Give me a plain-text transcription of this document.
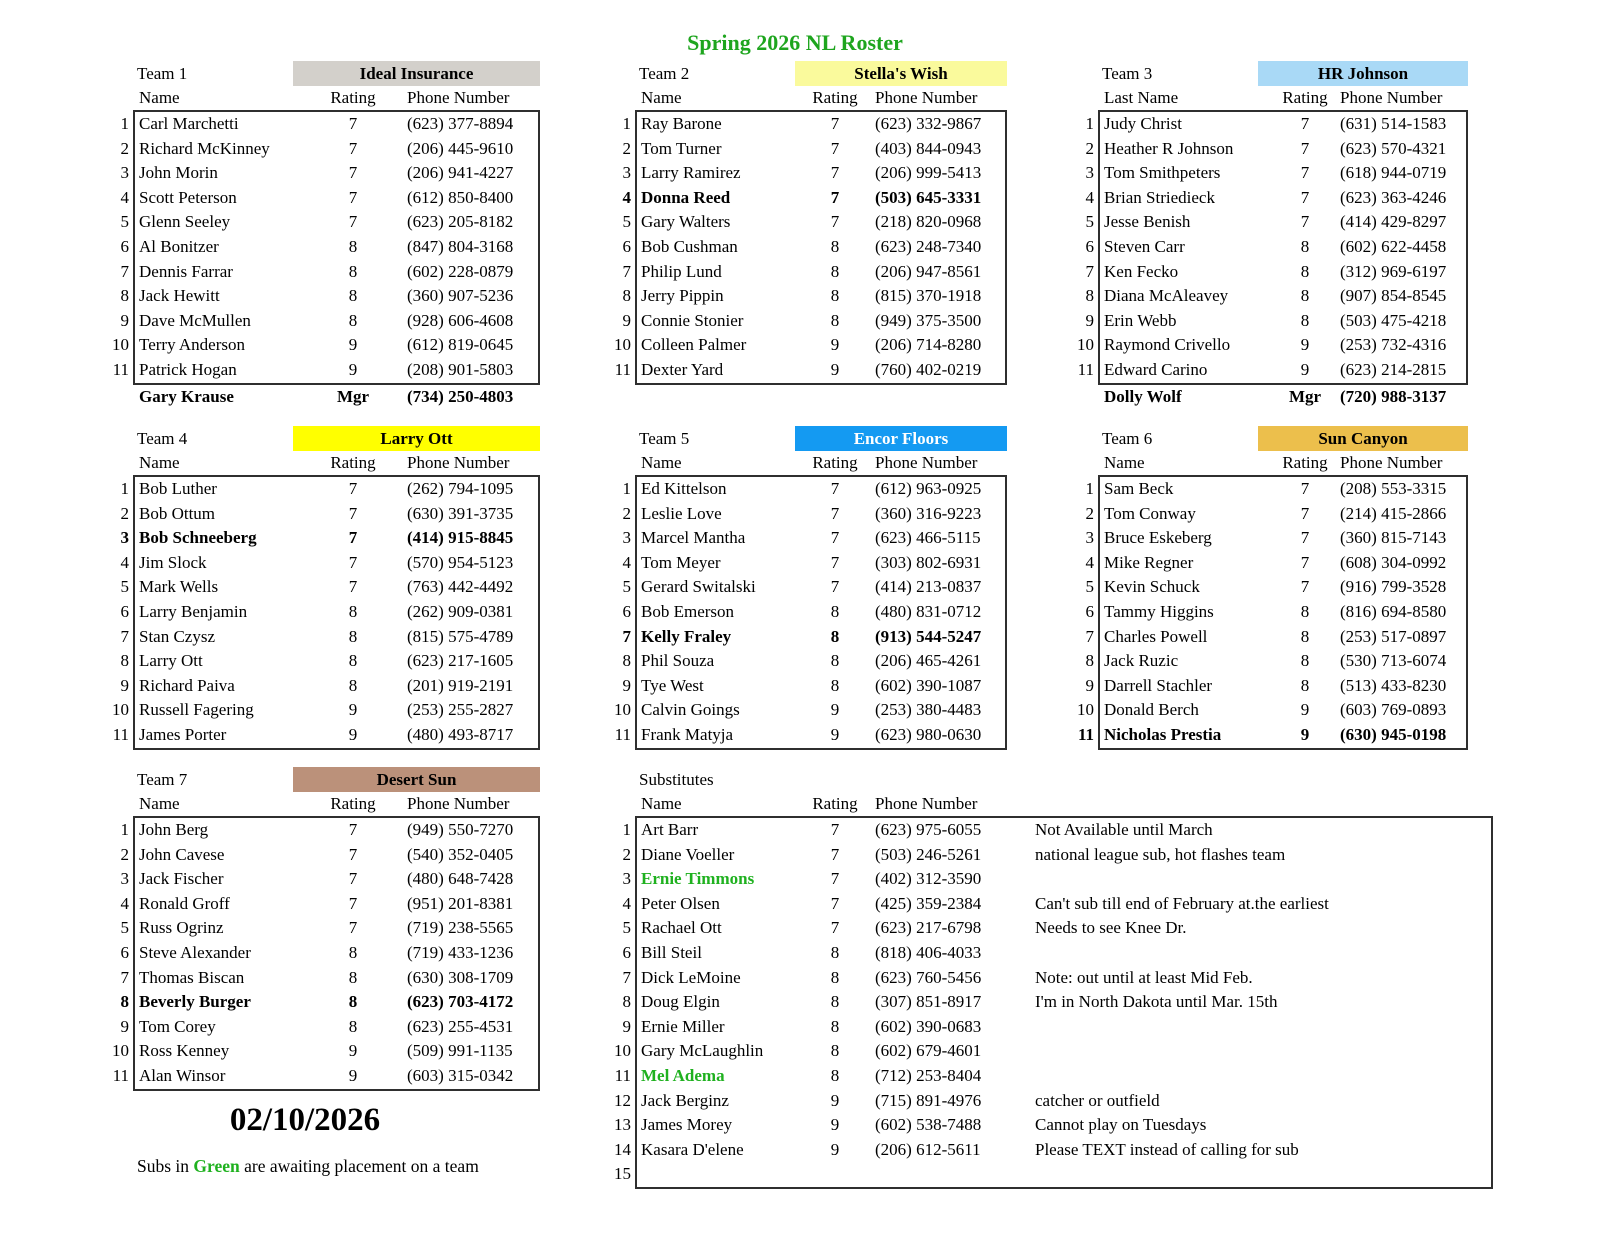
Spring 2026 NL Roster
Team 1	Ideal Insurance
Name	Rating	Phone Number
1 Carl Marchetti	7	(623) 377-8894
2 Richard McKinney	7	(206) 445-9610
3 John Morin	7	(206) 941-4227
4 Scott Peterson	7	(612) 850-8400
5 Glenn Seeley	7	(623) 205-8182
6 Al Bonitzer	8	(847) 804-3168
7 Dennis Farrar	8	(602) 228-0879
8 Jack Hewitt	8	(360) 907-5236
9 Dave McMullen	8	(928) 606-4608
10 Terry Anderson	9	(612) 819-0645
11 Patrick Hogan	9	(208) 901-5803
Gary Krause	Mgr	(734) 250-4803
Team 2	Stella's Wish
Name	Rating	Phone Number
1 Ray Barone	7	(623) 332-9867
2 Tom Turner	7	(403) 844-0943
3 Larry Ramirez	7	(206) 999-5413
4 Donna Reed	7	(503) 645-3331
5 Gary Walters	7	(218) 820-0968
6 Bob Cushman	8	(623) 248-7340
7 Philip Lund	8	(206) 947-8561
8 Jerry Pippin	8	(815) 370-1918
9 Connie Stonier	8	(949) 375-3500
10 Colleen Palmer	9	(206) 714-8280
11 Dexter Yard	9	(760) 402-0219
Team 3	HR Johnson
Last Name	Rating Phone Number
1 Judy Christ	7	(631) 514-1583
2 Heather R Johnson	7	(623) 570-4321
3 Tom Smithpeters	7	(618) 944-0719
4 Brian Striedieck	7	(623) 363-4246
5 Jesse Benish	7	(414) 429-8297
6 Steven Carr	8	(602) 622-4458
7 Ken Fecko	8	(312) 969-6197
8 Diana McAleavey	8	(907) 854-8545
9 Erin Webb	8	(503) 475-4218
10 Raymond Crivello	9	(253) 732-4316
11 Edward Carino	9	(623) 214-2815
Dolly Wolf	Mgr	(720) 988-3137
Team 4	Larry Ott
Name	Rating	Phone Number
1 Bob Luther	7	(262) 794-1095
2 Bob Ottum	7	(630) 391-3735
3 Bob Schneeberg	7	(414) 915-8845
4 Jim Slock	7	(570) 954-5123
5 Mark Wells	7	(763) 442-4492
6 Larry Benjamin	8	(262) 909-0381
7 Stan Czysz	8	(815) 575-4789
8 Larry Ott	8	(623) 217-1605
9 Richard Paiva	8	(201) 919-2191
10 Russell Fagering	9	(253) 255-2827
11 James Porter	9	(480) 493-8717
Team 5	Encor Floors
Name	Rating	Phone Number
1 Ed Kittelson	7	(612) 963-0925
2 Leslie Love	7	(360) 316-9223
3 Marcel Mantha	7	(623) 466-5115
4 Tom Meyer	7	(303) 802-6931
5 Gerard Switalski	7	(414) 213-0837
6 Bob Emerson	8	(480) 831-0712
7 Kelly Fraley	8	(913) 544-5247
8 Phil Souza	8	(206) 465-4261
9 Tye West	8	(602) 390-1087
10 Calvin Goings	9	(253) 380-4483
11 Frank Matyja	9	(623) 980-0630
Team 6	Sun Canyon
Name	Rating Phone Number
1 Sam Beck	7	(208) 553-3315
2 Tom Conway	7	(214) 415-2866
3 Bruce Eskeberg	7	(360) 815-7143
4 Mike Regner	7	(608) 304-0992
5 Kevin Schuck	7	(916) 799-3528
6 Tammy Higgins	8	(816) 694-8580
7 Charles Powell	8	(253) 517-0897
8 Jack Ruzic	8	(530) 713-6074
9 Darrell Stachler	8	(513) 433-8230
10 Donald Berch	9	(603) 769-0893
11 Nicholas Prestia	9	(630) 945-0198
Team 7	Desert Sun
Name	Rating	Phone Number
1 John Berg	7	(949) 550-7270
2 John Cavese	7	(540) 352-0405
3 Jack Fischer	7	(480) 648-7428
4 Ronald Groff	7	(951) 201-8381
5 Russ Ogrinz	7	(719) 238-5565
6 Steve Alexander	8	(719) 433-1236
7 Thomas Biscan	8	(630) 308-1709
8 Beverly Burger	8	(623) 703-4172
9 Tom Corey	8	(623) 255-4531
10 Ross Kenney	9	(509) 991-1135
11 Alan Winsor	9	(603) 315-0342
Substitutes
Name	Rating	Phone Number
1 Art Barr	7	(623) 975-6055	Not Available until March
2 Diane Voeller	7	(503) 246-5261	national league sub, hot flashes team
3 Ernie Timmons	7	(402) 312-3590
4 Peter Olsen	7	(425) 359-2384	Can't sub till end of February at.the earliest
5 Rachael Ott	7	(623) 217-6798	Needs to see Knee Dr.
6 Bill Steil	8	(818) 406-4033
7 Dick LeMoine	8	(623) 760-5456	Note: out until at least Mid Feb.
8 Doug Elgin	8	(307) 851-8917	I'm in North Dakota until Mar. 15th
9 Ernie Miller	8	(602) 390-0683
10 Gary McLaughlin	8	(602) 679-4601
11 Mel Adema	8	(712) 253-8404
12 Jack Berginz	9	(715) 891-4976	catcher or outfield
13 James Morey	9	(602) 538-7488	Cannot play on Tuesdays
14 Kasara D'elene	9	(206) 612-5611	Please TEXT instead of calling for sub
15
02/10/2026
Subs in Green are awaiting placement on a team
